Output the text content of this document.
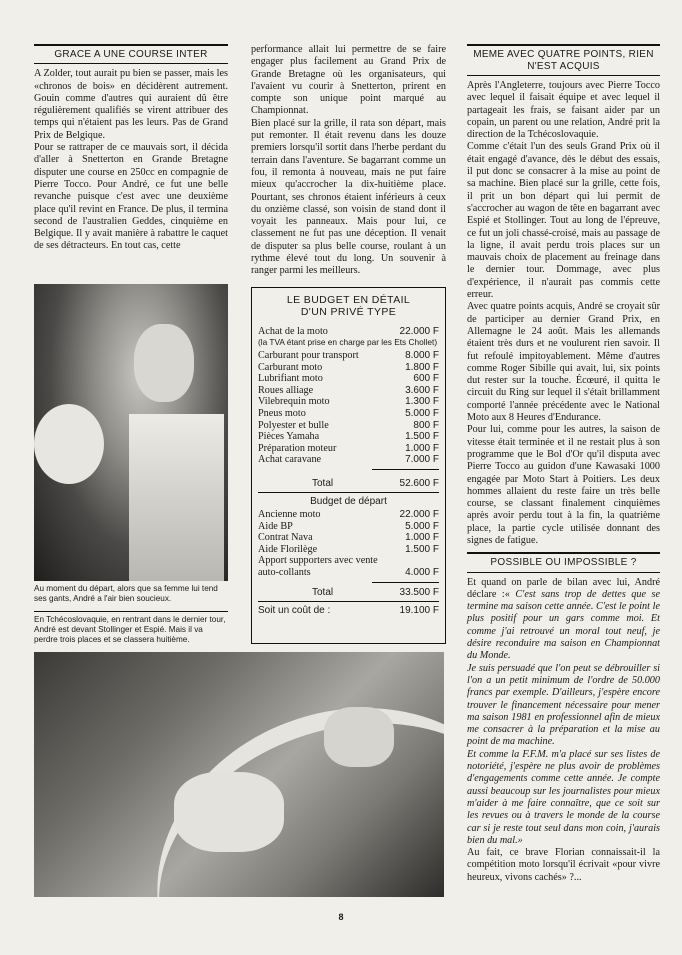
GRACE A UNE COURSE INTER

A Zolder, tout aurait pu bien se passer, mais les «chronos de bois» en décidèrent autrement. Gouin comme d'autres qui auraient dû être régulièrement qualifiés se virent attribuer des temps qui n'étaient pas les leurs. Pas de Grand Prix de Belgique.

Pour se rattraper de ce mauvais sort, il décida d'aller à Snetterton en Grande Bretagne disputer une course en 250cc en compagnie de Pierre Tocco. Pour André, ce fut une belle revanche puisque c'est avec une deuxième place qu'il revint en France. De plus, il termina second de l'australien Geddes, cinquième en Belgique. Il y avait manière à rabattre le caquet de ses détracteurs. En tout cas, cette

Au moment du départ, alors que sa femme lui tend ses gants, André a l'air bien soucieux.
En Tchécoslovaquie, en rentrant dans le dernier tour, André est devant Stollinger et Espié. Mais il va perdre trois places et se classera huitième.

performance allait lui permettre de se faire engager plus facilement au Grand Prix de Grande Bretagne où les organisateurs, qui l'avaient vu courir à Snetterton, prirent en compte son unique point marqué au Championnat.

Bien placé sur la grille, il rata son départ, mais put remonter. Il était revenu dans les douze premiers lorsqu'il sortit dans l'herbe perdant du terrain dans l'aventure. Se bagarrant comme un fou, il remonta à nouveau, mais ne put faire mieux qu'accrocher la dix-huitième place. Pourtant, ses chronos étaient inférieurs à ceux du onzième classé, son voisin de stand dont il voyait les panneaux. Mais pour lui, ce classement ne fut pas une déception. Il venait de disputer sa plus belle course, roulant à un rythme élevé tout du long. Un souvenir à ranger parmi les meilleurs.

LE BUDGET EN DÉTAIL
D'UN PRIVÉ TYPE
Achat de la moto	22.000 F
(la TVA étant prise en charge par les Ets Chollet)
Carburant pour transport	8.000 F
Carburant moto	1.800 F
Lubrifiant moto	600 F
Roues alliage	3.600 F
Vilebrequin moto	1.300 F
Pneus moto	5.000 F
Polyester et bulle	800 F
Pièces Yamaha	1.500 F
Préparation moteur	1.000 F
Achat caravane	7.000 F
Total	52.600 F
Budget de départ
Ancienne moto	22.000 F
Aide BP	5.000 F
Contrat Nava	1.000 F
Aide Florilège	1.500 F
Apport supporters avec vente auto-collants	4.000 F
Total	33.500 F
Soit un coût de :	19.100 F
MEME AVEC QUATRE POINTS, RIEN N'EST ACQUIS

Après l'Angleterre, toujours avec Pierre Tocco avec lequel il faisait équipe et avec lequel il partageait les frais, se faisant aider par un copain, un parent ou une relation, André prit la direction de la Tchécoslovaquie.

Comme c'était l'un des seuls Grand Prix où il était engagé d'avance, dès le début des essais, il put donc se consacrer à la mise au point de sa machine. Bien placé sur la grille, cette fois, il prit un bon départ qui lui permit de s'accrocher au wagon de tête en bagarrant avec Espié et Stollinger. Tout au long de l'épreuve, ce fut un joli chassé-croisé, mais au passage de la ligne, il avait perdu trois places sur un mauvais choix de placement au freinage dans le dernier tour. Dommage, avec plus d'expérience, il n'aurait pas commis cette erreur.

Avec quatre points acquis, André se croyait sûr de participer au dernier Grand Prix, en Allemagne le 24 août. Mais les allemands étaient très durs et ne voulurent rien savoir. Il fut refoulé impitoyablement. Même d'autres comme Roger Sibille qui avait, lui, six points dut rester sur la touche. Écœuré, il quitta le circuit du Ring sur lequel il s'était brillamment comporté l'année précédente avec le National Moto aux 8 Heures d'Endurance.

Pour lui, comme pour les autres, la saison de vitesse était terminée et il ne restait plus à son programme que le Bol d'Or qu'il disputa avec Pierre Tocco au guidon d'une Kawasaki 1000 engagée par Moto Start à Poitiers. Les deux hommes allaient du reste faire un très belle course, se classant finalement cinquièmes après avoir perdu tout à la fin, la quatrième place, la partie cycle utilisée donnant des signes de fatigue.

POSSIBLE OU IMPOSSIBLE ?

Et quand on parle de bilan avec lui, André déclare :« C'est sans trop de dettes que se termine ma saison cette année. C'est le point le plus positif pour un gars comme moi. Et comme j'ai retrouvé un moral tout neuf, je désire reconduire ma saison en Championnat du Monde.

Je suis persuadé que l'on peut se débrouiller si l'on a un petit minimum de l'ordre de 50.000 francs par exemple. D'ailleurs, j'espère encore trouver le financement nécessaire pour mener ma saison 1981 en professionnel afin de mieux me consacrer à la préparation et la mise au point de ma machine.

Et comme la F.F.M. m'a placé sur ses listes de notoriété, j'espère ne plus avoir de problèmes d'engagements comme cette année. Je compte aussi beaucoup sur les journalistes pour mieux m'aider à me faire connaître, que ce soit sur les revues ou à travers le monde de la course car si je reste tout seul dans mon coin, j'aurais bien du mal.»

Au fait, ce brave Florian connaissait-il la compétition moto lorsqu'il écrivait «pour vivre heureux, vivons cachés» ?...

8
